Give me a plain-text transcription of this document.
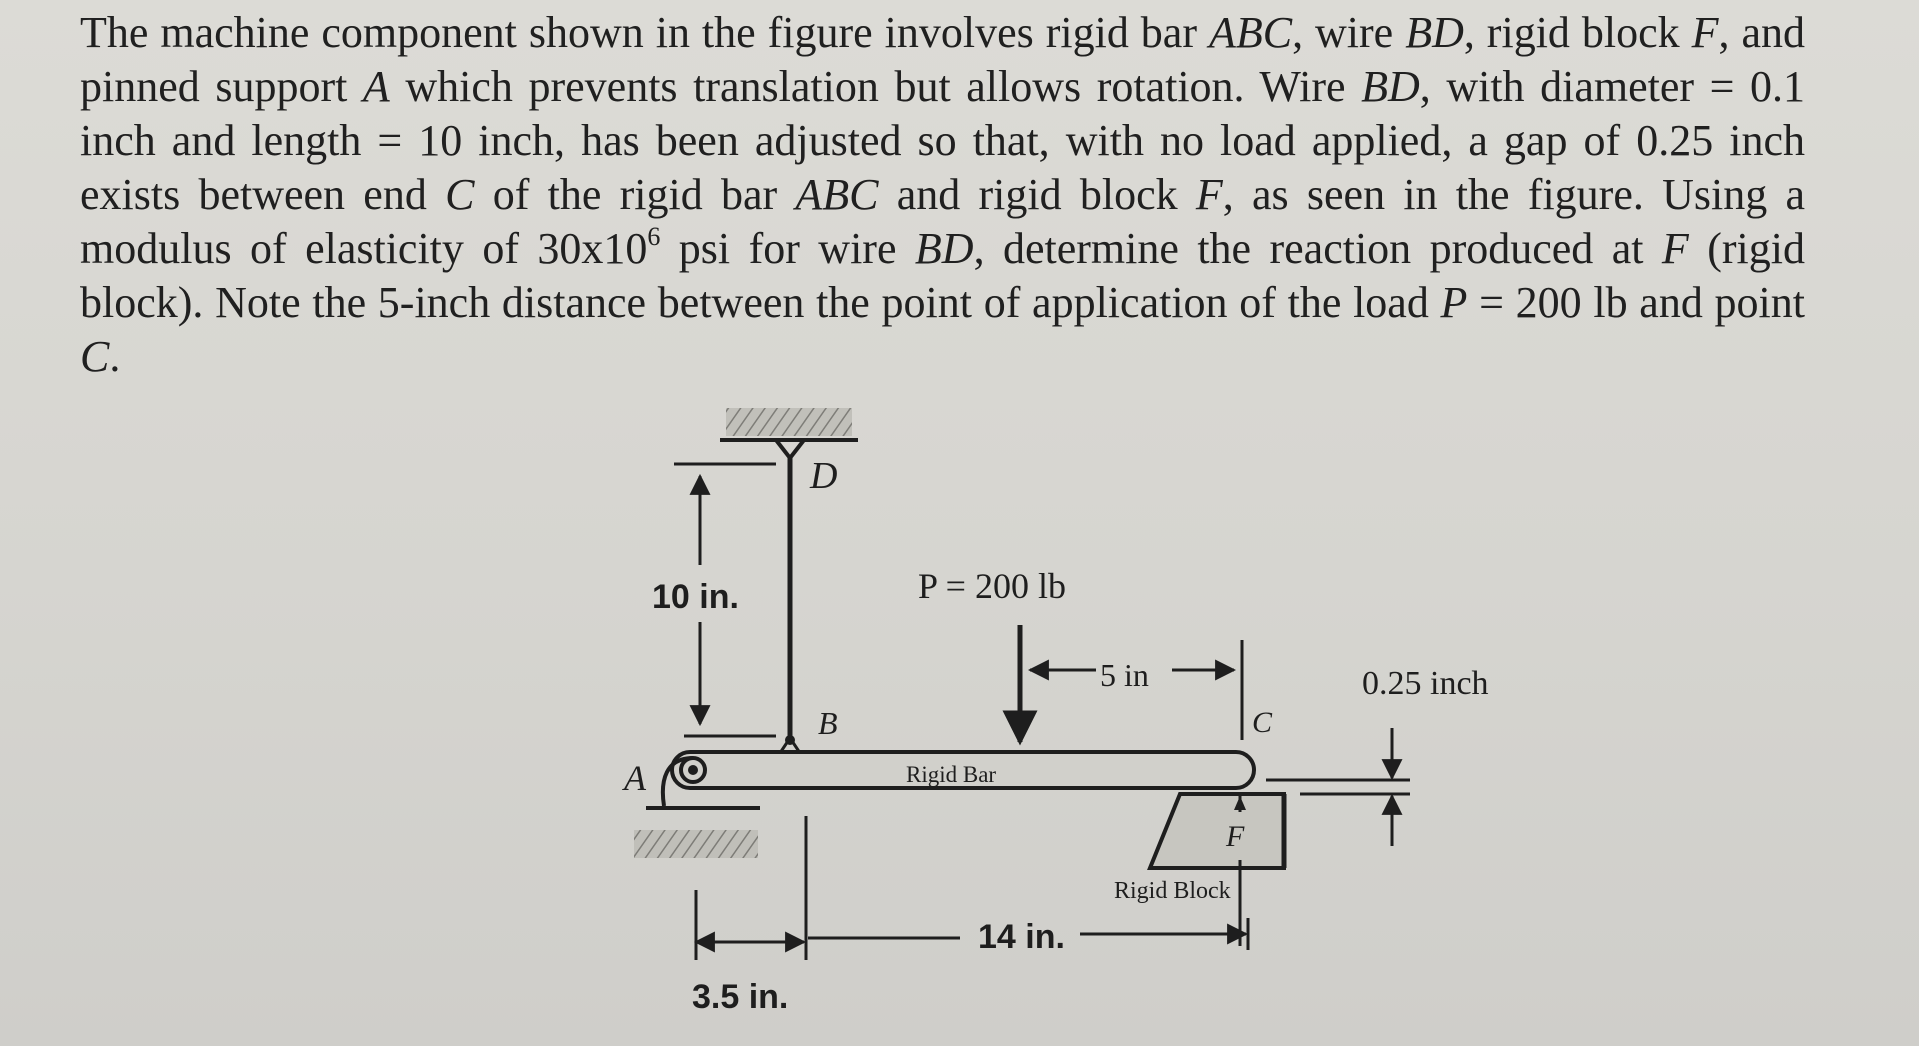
The machine component shown in the figure involves rigid bar ABC, wire BD, rigid block F, and pinned support A which prevents translation but allows rotation. Wire BD, with diameter = 0.1 inch and length = 10 inch, has been adjusted so that, with no load applied, a gap of 0.25 inch exists between end C of the rigid bar ABC and rigid block F, as seen in the figure. Using a modulus of elasticity of $30x10^6$ psi for wire BD, determine the reaction produced at F (rigid block). Note the 5-inch distance between the point of application of the load P = 200 lb and point C.
D
B
10 in.
Rigid Bar
A
P = 200 lb
5 in
C
F
Rigid Block
0.25 inch
3.5 in.
14 in.
